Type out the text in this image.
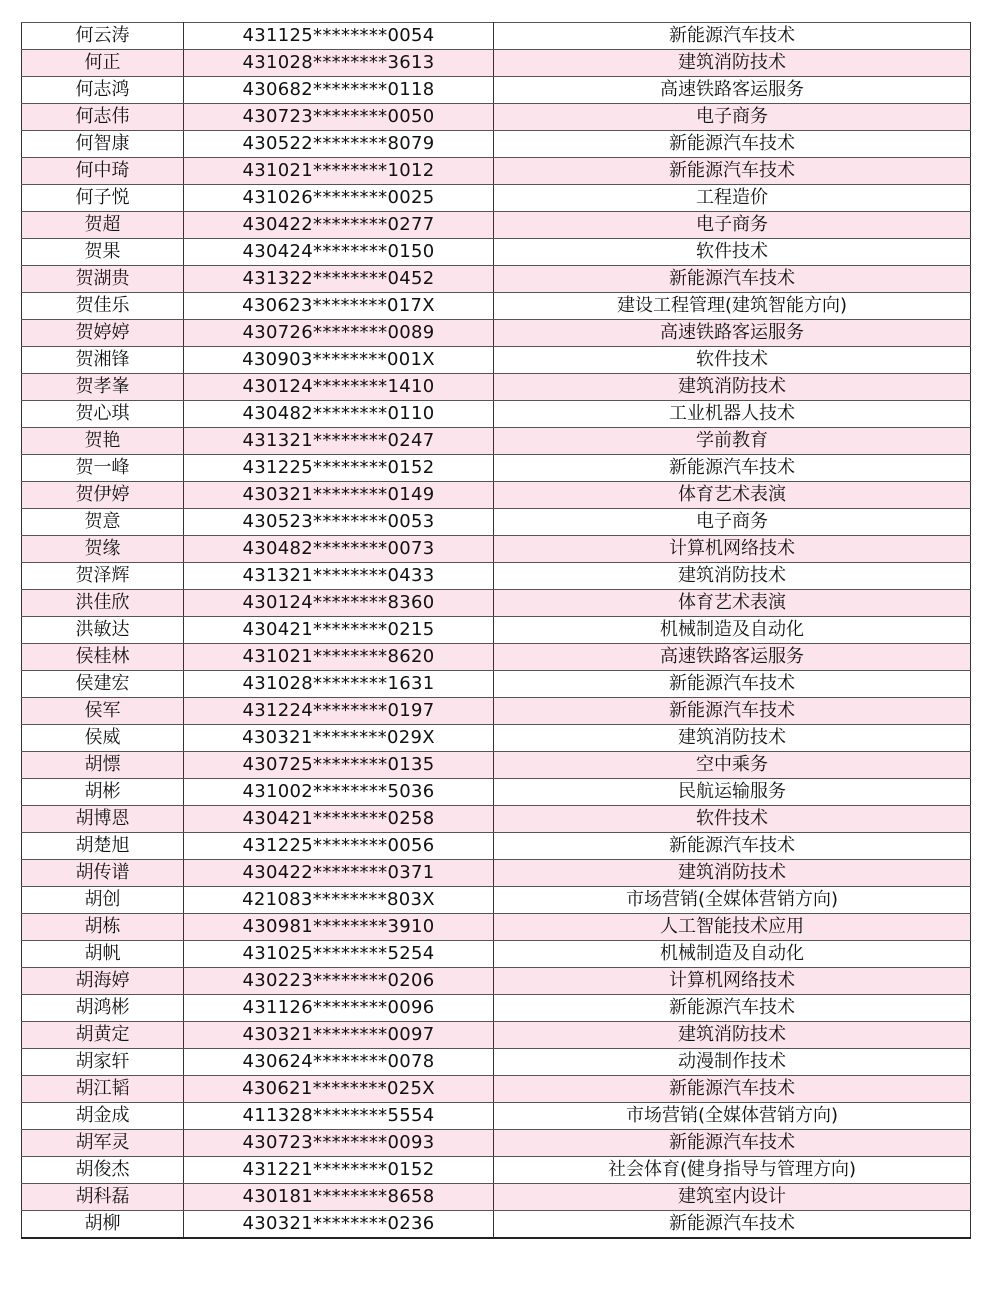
何云涛	431125********0054	新能源汽车技术
何正	431028********3613	建筑消防技术
何志鸿	430682********0118	高速铁路客运服务
何志伟	430723********0050	电子商务
何智康	430522********8079	新能源汽车技术
何中琦	431021********1012	新能源汽车技术
何子悦	431026********0025	工程造价
贺超	430422********0277	电子商务
贺果	430424********0150	软件技术
贺湖贵	431322********0452	新能源汽车技术
贺佳乐	430623********017X	建设工程管理(建筑智能方向)
贺婷婷	430726********0089	高速铁路客运服务
贺湘锋	430903********001X	软件技术
贺孝峯	430124********1410	建筑消防技术
贺心琪	430482********0110	工业机器人技术
贺艳	431321********0247	学前教育
贺一峰	431225********0152	新能源汽车技术
贺伊婷	430321********0149	体育艺术表演
贺意	430523********0053	电子商务
贺缘	430482********0073	计算机网络技术
贺泽辉	431321********0433	建筑消防技术
洪佳欣	430124********8360	体育艺术表演
洪敏达	430421********0215	机械制造及自动化
侯桂林	431021********8620	高速铁路客运服务
侯建宏	431028********1631	新能源汽车技术
侯军	431224********0197	新能源汽车技术
侯威	430321********029X	建筑消防技术
胡慓	430725********0135	空中乘务
胡彬	431002********5036	民航运输服务
胡博恩	430421********0258	软件技术
胡楚旭	431225********0056	新能源汽车技术
胡传谱	430422********0371	建筑消防技术
胡创	421083********803X	市场营销(全媒体营销方向)
胡栋	430981********3910	人工智能技术应用
胡帆	431025********5254	机械制造及自动化
胡海婷	430223********0206	计算机网络技术
胡鸿彬	431126********0096	新能源汽车技术
胡黄定	430321********0097	建筑消防技术
胡家轩	430624********0078	动漫制作技术
胡江韬	430621********025X	新能源汽车技术
胡金成	411328********5554	市场营销(全媒体营销方向)
胡军灵	430723********0093	新能源汽车技术
胡俊杰	431221********0152	社会体育(健身指导与管理方向)
胡科磊	430181********8658	建筑室内设计
胡柳	430321********0236	新能源汽车技术
